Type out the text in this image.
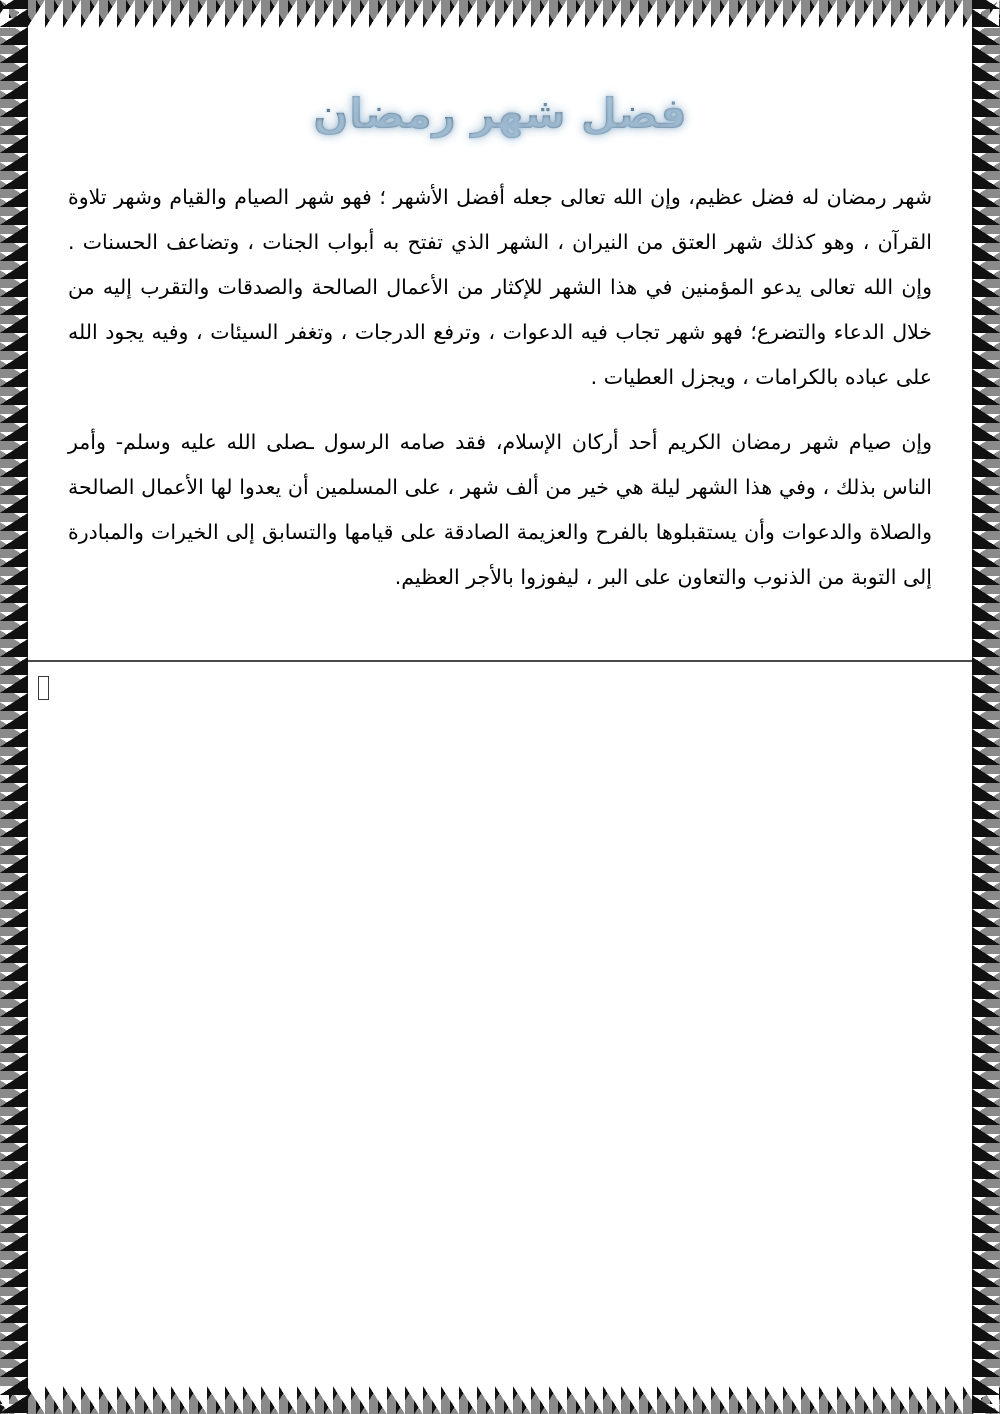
فضل شهر رمضان

شهر رمضان له فضل عظيم، وإن الله تعالى جعله أفضل الأشهر ؛ فهو شهر الصيام والقيام وشهر تلاوة القرآن ، وهو كذلك شهر العتق من النيران ، الشهر الذي تفتح به أبواب الجنات ، وتضاعف الحسنات . وإن الله تعالى يدعو المؤمنين في هذا الشهر للإكثار من الأعمال الصالحة والصدقات والتقرب إليه من خلال الدعاء والتضرع؛ فهو شهر تجاب فيه الدعوات ، وترفع الدرجات ، وتغفر السيئات ، وفيه يجود الله على عباده بالكرامات ، ويجزل العطيات .

وإن صيام شهر رمضان الكريم أحد أركان الإسلام، فقد صامه الرسول ـصلى الله عليه وسلم- وأمر الناس بذلك ، وفي هذا الشهر ليلة هي خير من ألف شهر ، على المسلمين أن يعدوا لها الأعمال الصالحة والصلاة والدعوات وأن يستقبلوها بالفرح والعزيمة الصادقة على قيامها والتسابق إلى الخيرات والمبادرة إلى التوبة من الذنوب والتعاون على البر ، ليفوزوا بالأجر العظيم.
